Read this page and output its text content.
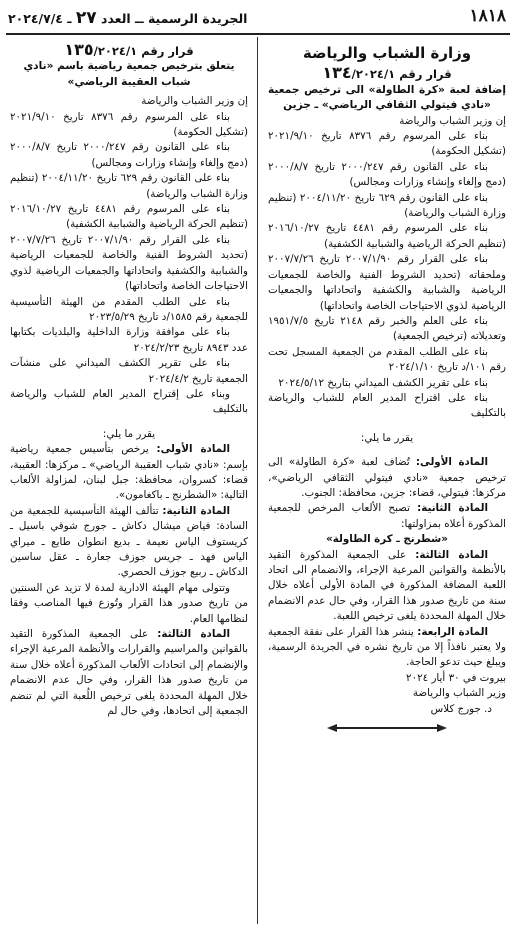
١٨١٨
الجريدة الرسمية ــ العدد ٢٧ ـ ٢٠٢٤/٧/٤

وزارة الشباب والرياضة

قرار رقم ١٣٤/٢٠٢٤/١

إضافة لعبة «كرة الطاولة» الى ترخيص جمعية «نادي فيتولي الثقافي الرياضي» ـ جزين

إن وزير الشباب والرياضة

بناء على المرسوم رقم ٨٣٧٦ تاريخ ٢٠٢١/٩/١٠ (تشكيل الحكومة)

بناء على القانون رقم ٢٠٠٠/٢٤٧ تاريخ ٢٠٠٠/٨/٧ (دمج وإلغاء وإنشاء وزارات ومجالس)

بناء على القانون رقم ٦٢٩ تاريخ ٢٠٠٤/١١/٢٠ (تنظيم وزارة الشباب والرياضة)

بناء على المرسوم رقم ٤٤٨١ تاريخ ٢٠١٦/١٠/٢٧ (تنظيم الحركة الرياضية والشبابية الكشفية)

بناء على القرار رقم ٢٠٠٧/١/٩٠ تاريخ ٢٠٠٧/٧/٢٦ وملحقاته (تحديد الشروط الفنية والخاصة للجمعيات الرياضية والشبابية والكشفية واتحاداتها والجمعيات الرياضية لذوي الاحتياجات الخاصة واتحاداتها)

بناء على العلم والخبر رقم ٢١٤٨ تاريخ ١٩٥١/٧/٥ وتعديلاته (ترخيص الجمعية)

بناء على الطلب المقدم من الجمعية المسجل تحت رقم ١٠١/د تاريخ ٢٠٢٤/١/١٠

بناء على تقرير الكشف الميداني بتاريخ ٢٠٢٤/٥/١٢

بناء على اقتراح المدير العام للشباب والرياضة بالتكليف

يقرر ما يلي:

المادة الأولى: تُضاف لعبة «كرة الطاولة» الى ترخيص جمعية «نادي فيتولي الثقافي الرياضي»، مركزها: فيتولي، قضاء: جزين، محافظة: الجنوب.

المادة الثانية: تصبح الألعاب المرخص للجمعية المذكورة أعلاه بمزاولتها:

«شطرنج ـ كرة الطاولة»

المادة الثالثة: على الجمعية المذكورة التقيد بالأنظمة والقوانين المرعية الإجراء، والانضمام الى اتحاد اللعبة المضافة المذكورة في المادة الأولى أعلاه خلال سنة من تاريخ صدور هذا القرار، وفي حال عدم الانضمام خلال المهلة المحددة يلغى ترخيص اللعبة.

المادة الرابعة: ينشر هذا القرار على نفقة الجمعية ولا يعتبر نافذاً إلا من تاريخ نشره في الجريدة الرسمية، ويبلغ حيث تدعو الحاجة.

بيروت في ٣٠ أيار ٢٠٢٤

وزير الشباب والرياضة

د. جورج كلاس

قرار رقم ١٣٥/٢٠٢٤/١

يتعلق بترخيص جمعية رياضية باسم «نادي شباب العقيبة الرياضي»

إن وزير الشباب والرياضة

بناء على المرسوم رقم ٨٣٧٦ تاريخ ٢٠٢١/٩/١٠ (تشكيل الحكومة)

بناء على القانون رقم ٢٠٠٠/٢٤٧ تاريخ ٢٠٠٠/٨/٧ (دمج وإلغاء وإنشاء وزارات ومجالس)

بناء على القانون رقم ٦٢٩ تاريخ ٢٠٠٤/١١/٢٠ (تنظيم وزارة الشباب والرياضة)

بناء على المرسوم رقم ٤٤٨١ تاريخ ٢٠١٦/١٠/٢٧ (تنظيم الحركة الرياضية والشبابية الكشفية)

بناء على القرار رقم ٢٠٠٧/١/٩٠ تاريخ ٢٠٠٧/٧/٢٦ (تحديد الشروط الفنية والخاصة للجمعيات الرياضية والشبابية والكشفية واتحاداتها والجمعيات الرياضية لذوي الاحتياجات الخاصة واتحاداتها)

بناء على الطلب المقدم من الهيئة التأسيسية للجمعية رقم ١٥٨٥/د تاريخ ٢٠٢٣/٥/٢٩

بناء على موافقة وزارة الداخلية والبلديات بكتابها عدد ٨٩٤٣ تاريخ ٢٠٢٤/٢/٢٣

بناء على تقرير الكشف الميداني على منشآت الجمعية تاريخ ٢٠٢٤/٤/٢

وبناء على إقتراح المدير العام للشباب والرياضة بالتكليف

يقرر ما يلي:

المادة الأولى: يرخص بتأسيس جمعية رياضية بإسم: «نادي شباب العقيبة الرياضي» ـ مركزها: العقيبة، قضاء: كسروان، محافظة: جبل لبنان، لمزاولة الألعاب التالية: «الشطرنج ـ باكغامون».

المادة الثانية: تتألف الهيئة التأسيسية للجمعية من السادة: فياض ميشال دكاش ـ جورج شوقي باسيل ـ كريستوف الياس نعيمة ـ بديع انطوان طايع ـ ميراي الياس فهد ـ جريس جوزف جعارة ـ عقل ساسين الدكاش ـ ربيع جوزف الحصري.

وتتولى مهام الهيئة الادارية لمدة لا تزيد عن السنتين من تاريخ صدور هذا القرار وتُوزع فيها المناصب وفقا لنظامها العام.

المادة الثالثة: على الجمعية المذكورة التقيد بالقوانين والمراسيم والقرارات والأنظمة المرعية الإجراء والإنضمام إلى اتحادات الألعاب المذكورة أعلاه خلال سنة من تاريخ صدور هذا القرار، وفي حال عدم الانضمام خلال المهلة المحددة يلغى ترخيص اللُعبة التي لم تنضم الجمعية إلى اتحادها، وفي حال لم
